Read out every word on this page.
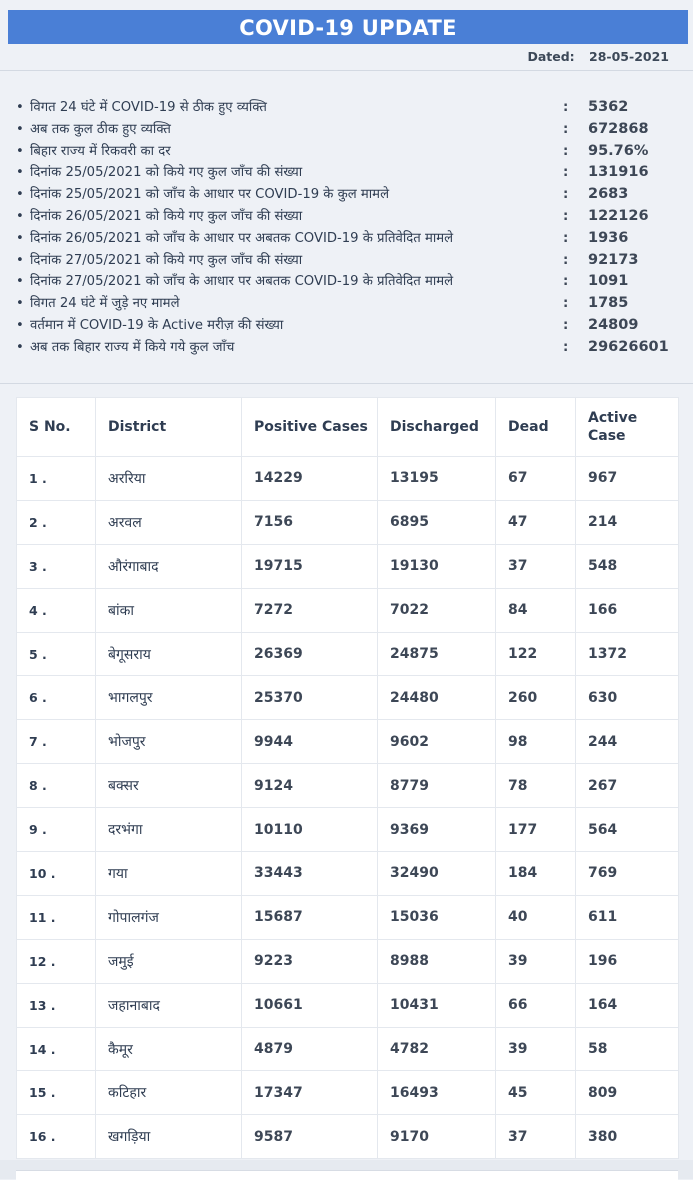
COVID-19 UPDATE
Dated: 28-05-2021
• विगत 24 घंटे में COVID-19 से ठीक हुए व्यक्ति	: 5362
• अब तक कुल ठीक हुए व्यक्ति	: 672868
• बिहार राज्य में रिकवरी का दर	: 95.76%
• दिनांक 25/05/2021 को किये गए कुल जाँच की संख्या	: 131916
• दिनांक 25/05/2021 को जाँच के आधार पर COVID-19 के कुल मामले	: 2683
• दिनांक 26/05/2021 को किये गए कुल जाँच की संख्या	: 122126
• दिनांक 26/05/2021 को जाँच के आधार पर अबतक COVID-19 के प्रतिवेदित मामले	: 1936
• दिनांक 27/05/2021 को किये गए कुल जाँच की संख्या	: 92173
• दिनांक 27/05/2021 को जाँच के आधार पर अबतक COVID-19 के प्रतिवेदित मामले	: 1091
• विगत 24 घंटे में जुड़े नए मामले	: 1785
• वर्तमान में COVID-19 के Active मरीज़ की संख्या	: 24809
• अब तक बिहार राज्य में किये गये कुल जाँच	: 29626601
S No.	District	Positive Cases	Discharged	Dead	Active Case
1 .	अररिया	14229	13195	67	967
2 .	अरवल	7156	6895	47	214
3 .	औरंगाबाद	19715	19130	37	548
4 .	बांका	7272	7022	84	166
5 .	बेगूसराय	26369	24875	122	1372
6 .	भागलपुर	25370	24480	260	630
7 .	भोजपुर	9944	9602	98	244
8 .	बक्सर	9124	8779	78	267
9 .	दरभंगा	10110	9369	177	564
10 .	गया	33443	32490	184	769
11 .	गोपालगंज	15687	15036	40	611
12 .	जमुई	9223	8988	39	196
13 .	जहानाबाद	10661	10431	66	164
14 .	कैमूर	4879	4782	39	58
15 .	कटिहार	17347	16493	45	809
16 .	खगड़िया	9587	9170	37	380
